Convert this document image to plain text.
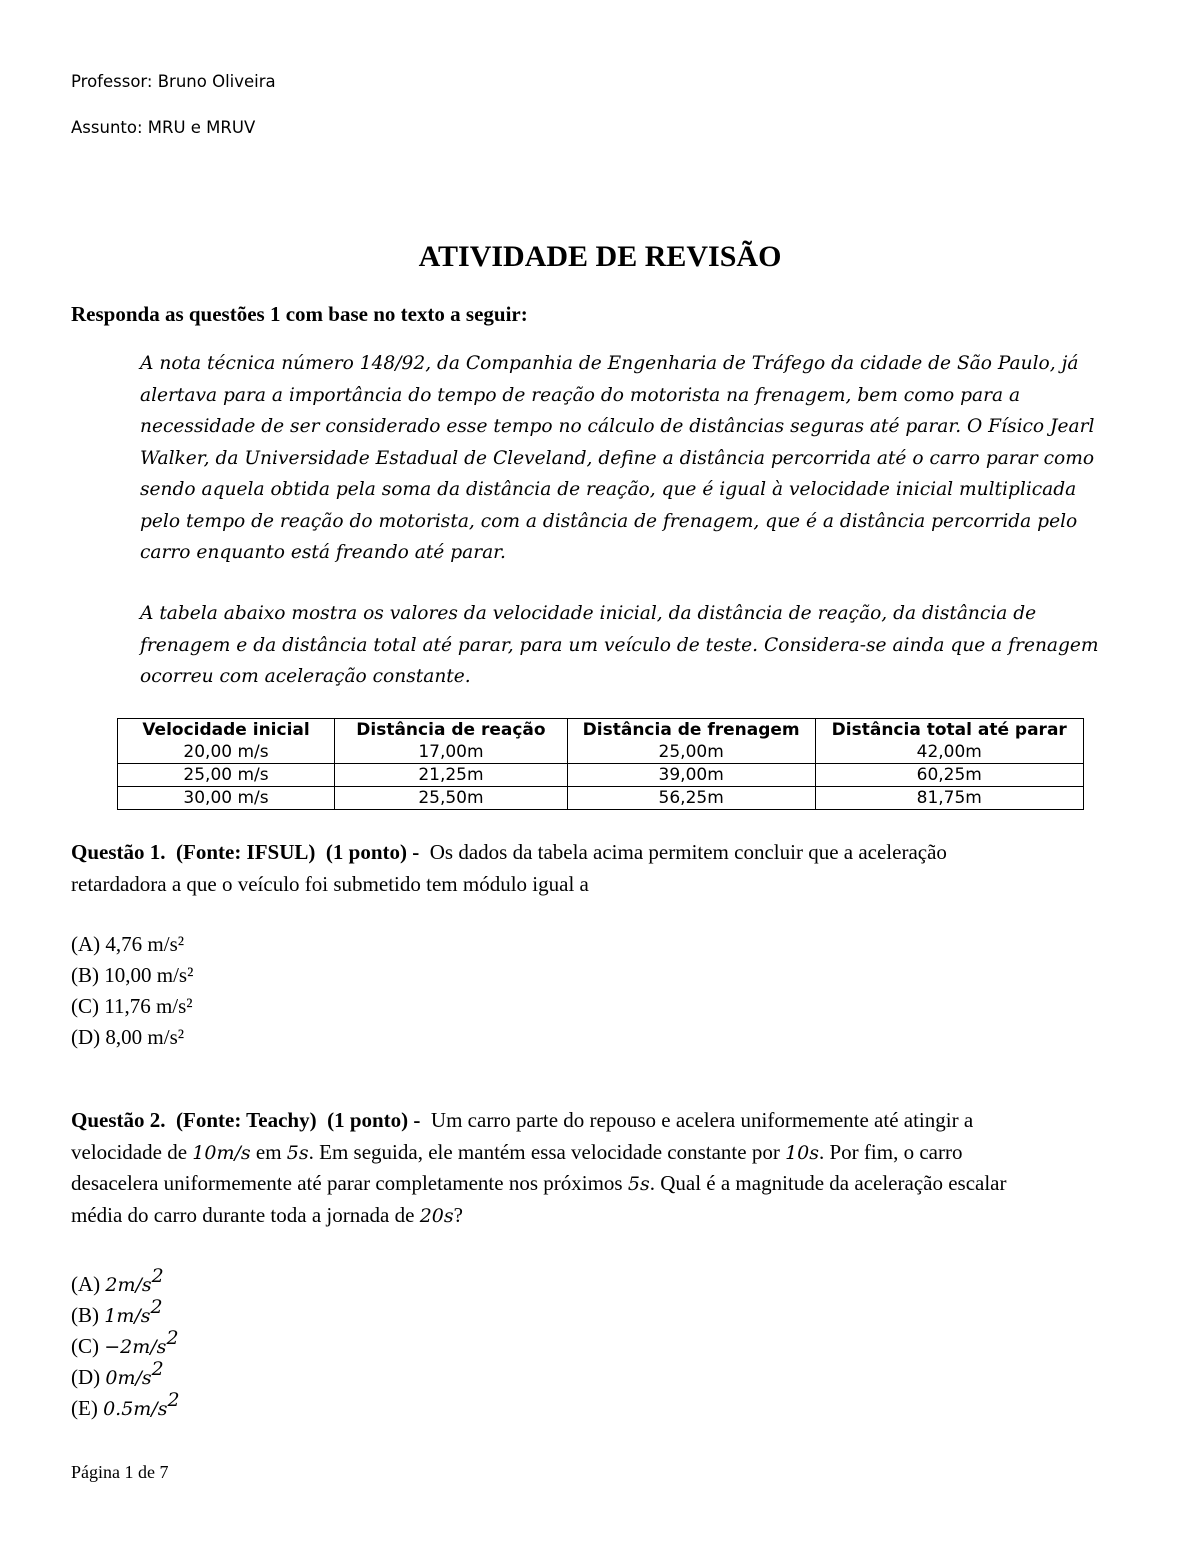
Professor: Bruno Oliveira
Assunto: MRU e MRUV
ATIVIDADE DE REVISÃO
Responda as questões 1 com base no texto a seguir:
A nota técnica número 148/92, da Companhia de Engenharia de Tráfego da cidade de São Paulo, já
alertava para a importância do tempo de reação do motorista na frenagem, bem como para a
necessidade de ser considerado esse tempo no cálculo de distâncias seguras até parar. O Físico Jearl
Walker, da Universidade Estadual de Cleveland, define a distância percorrida até o carro parar como
sendo aquela obtida pela soma da distância de reação, que é igual à velocidade inicial multiplicada
pelo tempo de reação do motorista, com a distância de frenagem, que é a distância percorrida pelo
carro enquanto está freando até parar.
A tabela abaixo mostra os valores da velocidade inicial, da distância de reação, da distância de
frenagem e da distância total até parar, para um veículo de teste. Considera-se ainda que a frenagem
ocorreu com aceleração constante.
Velocidade inicial	Distância de reação	Distância de frenagem	Distância total até parar
20,00 m/s	17,00m	25,00m	42,00m
25,00 m/s	21,25m	39,00m	60,25m
30,00 m/s	25,50m	56,25m	81,75m
Questão 1. (Fonte: IFSUL) (1 ponto) - Os dados da tabela acima permitem concluir que a aceleração
retardadora a que o veículo foi submetido tem módulo igual a
(A) 4,76 m/s²
(B) 10,00 m/s²
(C) 11,76 m/s²
(D) 8,00 m/s²
Questão 2. (Fonte: Teachy) (1 ponto) - Um carro parte do repouso e acelera uniformemente até atingir a
velocidade de 10m/s em 5s. Em seguida, ele mantém essa velocidade constante por 10s. Por fim, o carro
desacelera uniformemente até parar completamente nos próximos 5s. Qual é a magnitude da aceleração escalar
média do carro durante toda a jornada de 20s?
(A) $2m/s^2$
(B) $1m/s^2$
$(C) -2m/s^2$
(D) $0m/s^2$
(E) $0.5m/s^2$
Página 1 de 7
